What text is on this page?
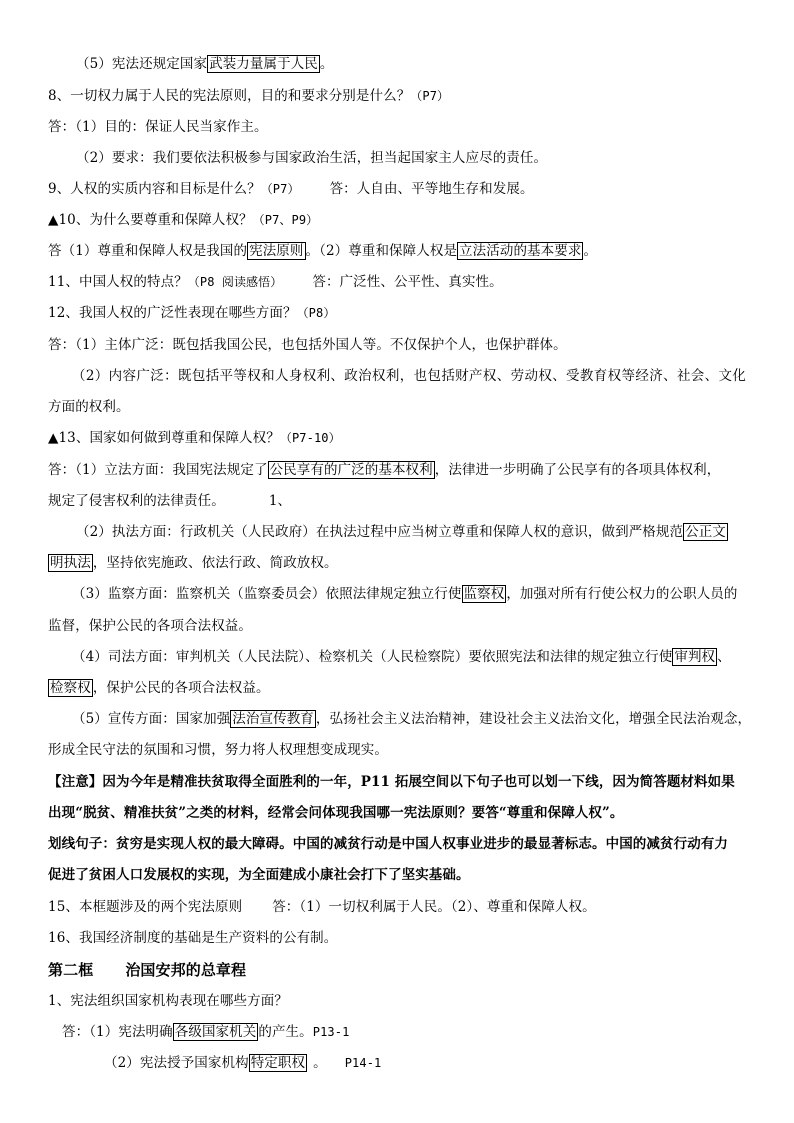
（5）宪法还规定国家 武装力量属于人民 。
8、一切权力属于人民的宪法原则，目的和要求分别是什么？（P7）
答：（1）目的：保证人民当家作主。
（2）要求：我们要依法积极参与国家政治生活，担当起国家主人应尽的责任。
9、人权的实质内容和目标是什么？（P7） 答：人自由、平等地生存和发展。
▲10、为什么要尊重和保障人权？（P7、P9）
答（1）尊重和保障人权是我国的 宪法原则 。（2）尊重和保障人权是 立法活动的基本要求 。
11、中国人权的特点？（P8 阅读感悟） 答：广泛性、公平性、真实性。
12、我国人权的广泛性表现在哪些方面？（P8）
答：（1）主体广泛：既包括我国公民，也包括外国人等。不仅保护个人，也保护群体。
（2）内容广泛：既包括平等权和人身权利、政治权利，也包括财产权、劳动权、受教育权等经济、社会、文化
方面的权利。
▲13、国家如何做到尊重和保障人权？（P7-10）
答：（1）立法方面：我国宪法规定了 公民享有的广泛的基本权利 ，法律进一步明确了公民享有的各项具体权利，
规定了侵害权利的法律责任。	1、
（2）执法方面：行政机关（人民政府）在执法过程中应当树立尊重和保障人权的意识，做到严格规范 公正文
明执法 ，坚持依宪施政、依法行政、简政放权。
（3）监察方面：监察机关（监察委员会）依照法律规定独立行使 监察权 ，加强对所有行使公权力的公职人员的
监督，保护公民的各项合法权益。
（4）司法方面：审判机关（人民法院）、检察机关（人民检察院）要依照宪法和法律的规定独立行使 审判权 、
检察权 ，保护公民的各项合法权益。
（5）宣传方面：国家加强 法治宣传教育 ，弘扬社会主义法治精神，建设社会主义法治文化，增强全民法治观念，
形成全民守法的氛围和习惯，努力将人权理想变成现实。
【注意】因为今年是精准扶贫取得全面胜利的一年，P11 拓展空间以下句子也可以划一下线，因为简答题材料如果
出现“脱贫、精准扶贫”之类的材料，经常会问体现我国哪一宪法原则？要答“尊重和保障人权”。
划线句子：贫穷是实现人权的最大障碍。中国的减贫行动是中国人权事业进步的最显著标志。中国的减贫行动有力
促进了贫困人口发展权的实现，为全面建成小康社会打下了坚实基础。
15、本框题涉及的两个宪法原则 答：（1）一切权利属于人民。（2）、尊重和保障人权。
16、我国经济制度的基础是生产资料的公有制。
第二框 治国安邦的总章程
1、宪法组织国家机构表现在哪些方面？
答：（1）宪法明确 各级国家机关 的产生。P13-1
（2）宪法授予国家机构 特定职权 。 P14-1
